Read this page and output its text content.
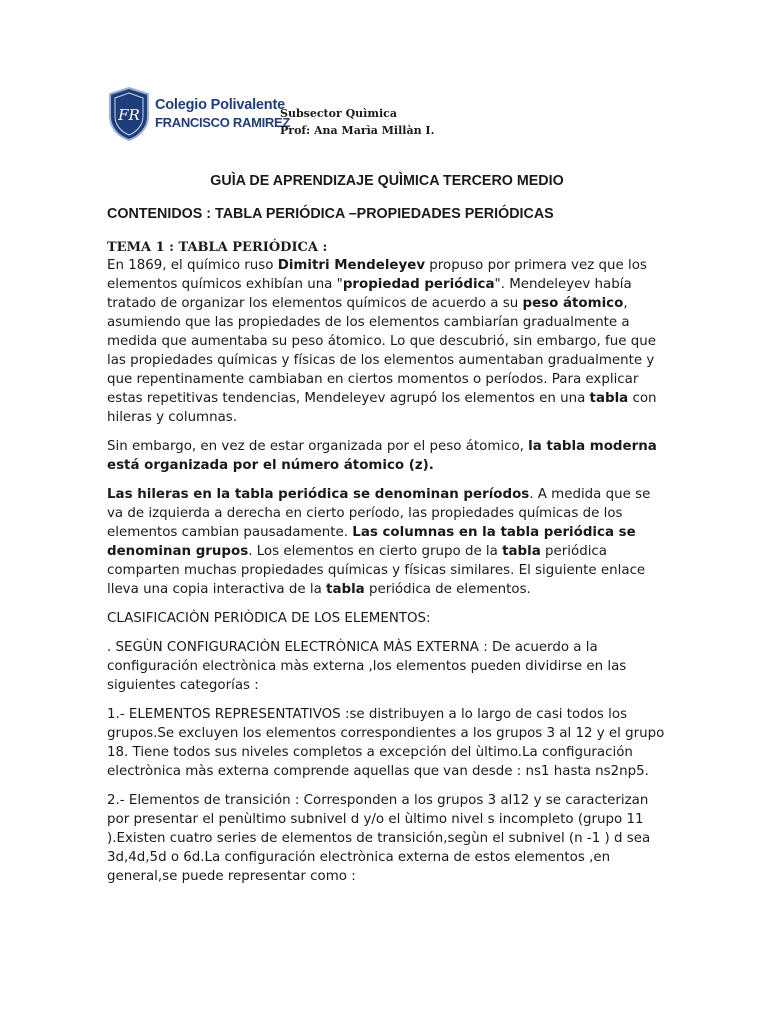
FR
Colegio Polivalente
FRANCISCO RAMIREZ
Subsector Quìmica
Prof: Ana Marìa Millàn I.

GUÌA DE APRENDIZAJE QUÌMICA TERCERO MEDIO

CONTENIDOS : TABLA PERIÓDICA –PROPIEDADES PERIÓDICAS

TEMA 1 : TABLA PERIÓDICA :

En 1869, el químico ruso Dimitri Mendeleyev propuso por primera vez que los elementos químicos exhibían una "propiedad periódica". Mendeleyev había tratado de organizar los elementos químicos de acuerdo a su peso átomico, asumiendo que las propiedades de los elementos cambiarían gradualmente a medida que aumentaba su peso átomico. Lo que descubrió, sin embargo, fue que las propiedades químicas y físicas de los elementos aumentaban gradualmente y que repentinamente cambiaban en ciertos momentos o períodos. Para explicar estas repetitivas tendencias, Mendeleyev agrupó los elementos en una tabla con hileras y columnas.

Sin embargo, en vez de estar organizada por el peso átomico, la tabla moderna está organizada por el número átomico (z).

Las hileras en la tabla periódica se denominan períodos. A medida que se va de izquierda a derecha en cierto período, las propiedades químicas de los elementos cambian pausadamente. Las columnas en la tabla periódica se denominan grupos. Los elementos en cierto grupo de la tabla periódica comparten muchas propiedades químicas y físicas similares. El siguiente enlace lleva una copia interactiva de la tabla periódica de elementos.

CLASIFICACIÒN PERIÒDICA DE LOS ELEMENTOS:

. SEGÙN CONFIGURACIÒN ELECTRÒNICA MÀS EXTERNA : De acuerdo a la configuración electrònica màs externa ,los elementos pueden dividirse en las siguientes categorías :

1.- ELEMENTOS REPRESENTATIVOS :se distribuyen a lo largo de casi todos los grupos.Se excluyen los elementos correspondientes a los grupos 3 al 12 y el grupo 18. Tiene todos sus niveles completos a excepción del ùltimo.La configuración electrònica màs externa comprende aquellas que van desde : ns1 hasta ns2np5.

2.- Elementos de transición : Corresponden a los grupos 3 al12 y se caracterizan por presentar el penùltimo subnivel d y/o el ùltimo nivel s incompleto (grupo 11 ).Existen cuatro series de elementos de transición,segùn el subnivel (n -1 ) d sea 3d,4d,5d o 6d.La configuración electrònica externa de estos elementos ,en general,se puede representar como :
